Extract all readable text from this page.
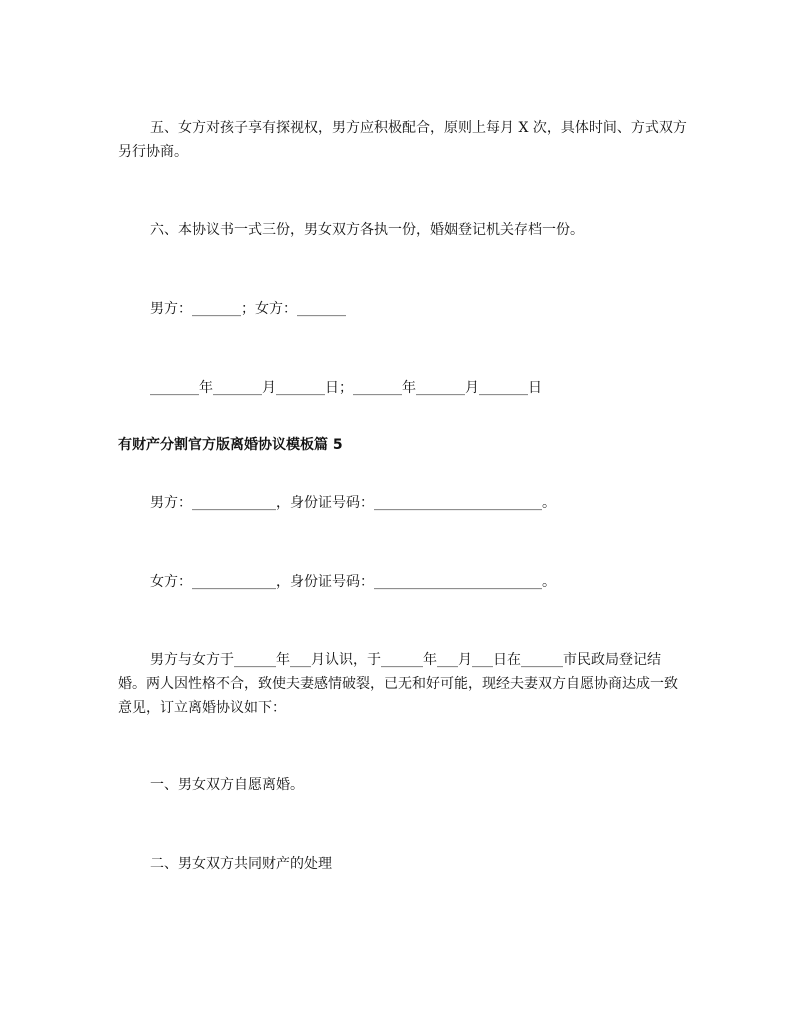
五、女方对孩子享有探视权，男方应积极配合，原则上每月 X 次，具体时间、方式双方另行协商。
六、本协议书一式三份，男女双方各执一份，婚姻登记机关存档一份。
男方：_______；女方：_______
_______年_______月_______日；_______年_______月_______日
有财产分割官方版离婚协议模板篇 5
男方：____________，身份证号码：________________________。
女方：____________，身份证号码：________________________。
男方与女方于______年___月认识，于______年___月___日在______市民政局登记结婚。两人因性格不合，致使夫妻感情破裂，已无和好可能，现经夫妻双方自愿协商达成一致意见，订立离婚协议如下：
一、男女双方自愿离婚。
二、男女双方共同财产的处理
